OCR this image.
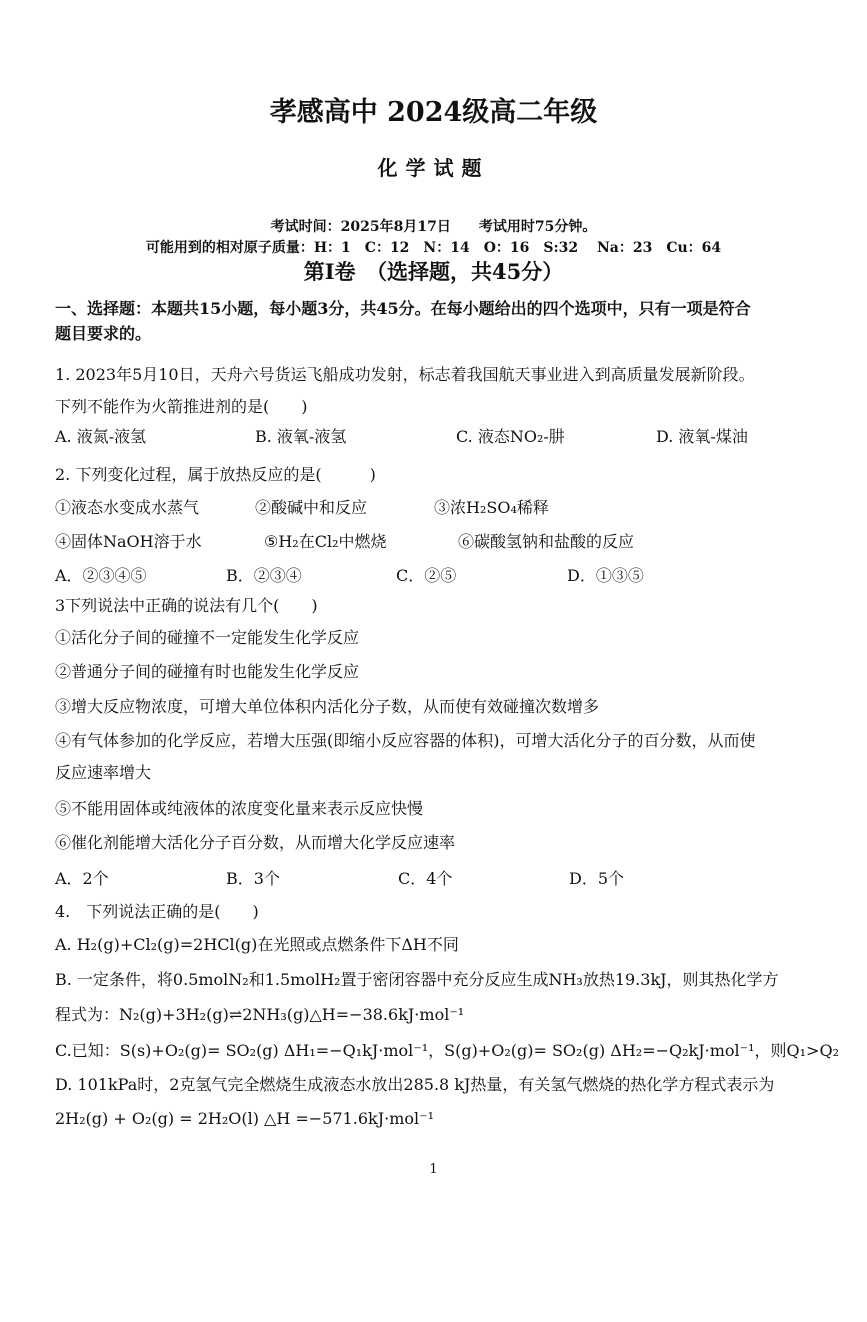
孝感高中 2024级高二年级
化学试题
考试时间：2025年8月17日　　考试用时75分钟。
可能用到的相对原子质量：H：1　C：12　N：14　O：16　S:32　 Na：23　Cu：64
第Ⅰ卷　（选择题，共45分）
一、选择题：本题共15小题，每小题3分，共45分。在每小题给出的四个选项中，只有一项是符合
题目要求的。
1. 2023年5月10日，天舟六号货运飞船成功发射，标志着我国航天事业进入到高质量发展新阶段。
下列不能作为火箭推进剂的是(　　)
A. 液氮-液氢	B. 液氧-液氢	C. 液态NO₂-肼	D. 液氧-煤油
2. 下列变化过程，属于放热反应的是(　　　)
①液态水变成水蒸气	②酸碱中和反应	③浓H₂SO₄稀释
④固体NaOH溶于水	⑤H₂在Cl₂中燃烧	⑥碳酸氢钠和盐酸的反应
A．②③④⑤	B．②③④	C．②⑤	D．①③⑤
3下列说法中正确的说法有几个(　　)
①活化分子间的碰撞不一定能发生化学反应
②普通分子间的碰撞有时也能发生化学反应
③增大反应物浓度，可增大单位体积内活化分子数，从而使有效碰撞次数增多
④有气体参加的化学反应，若增大压强(即缩小反应容器的体积)，可增大活化分子的百分数，从而使
反应速率增大
⑤不能用固体或纯液体的浓度变化量来表示反应快慢
⑥催化剂能增大活化分子百分数，从而增大化学反应速率
A．2个	B．3个	C．4个	D．5个
4.　下列说法正确的是(　　)
A. H₂(g)+Cl₂(g)=2HCl(g)在光照或点燃条件下ΔH不同
B. 一定条件，将0.5molN₂和1.5molH₂置于密闭容器中充分反应生成NH₃放热19.3kJ，则其热化学方
程式为：N₂(g)+3H₂(g)⇌2NH₃(g)△H=−38.6kJ·mol⁻¹
C.已知：S(s)+O₂(g)= SO₂(g) ΔH₁=−Q₁kJ·mol⁻¹，S(g)+O₂(g)= SO₂(g) ΔH₂=−Q₂kJ·mol⁻¹，则Q₁>Q₂
D. 101kPa时，2克氢气完全燃烧生成液态水放出285.8 kJ热量，有关氢气燃烧的热化学方程式表示为
2H₂(g) + O₂(g) = 2H₂O(l) △H =−571.6kJ·mol⁻¹
1
